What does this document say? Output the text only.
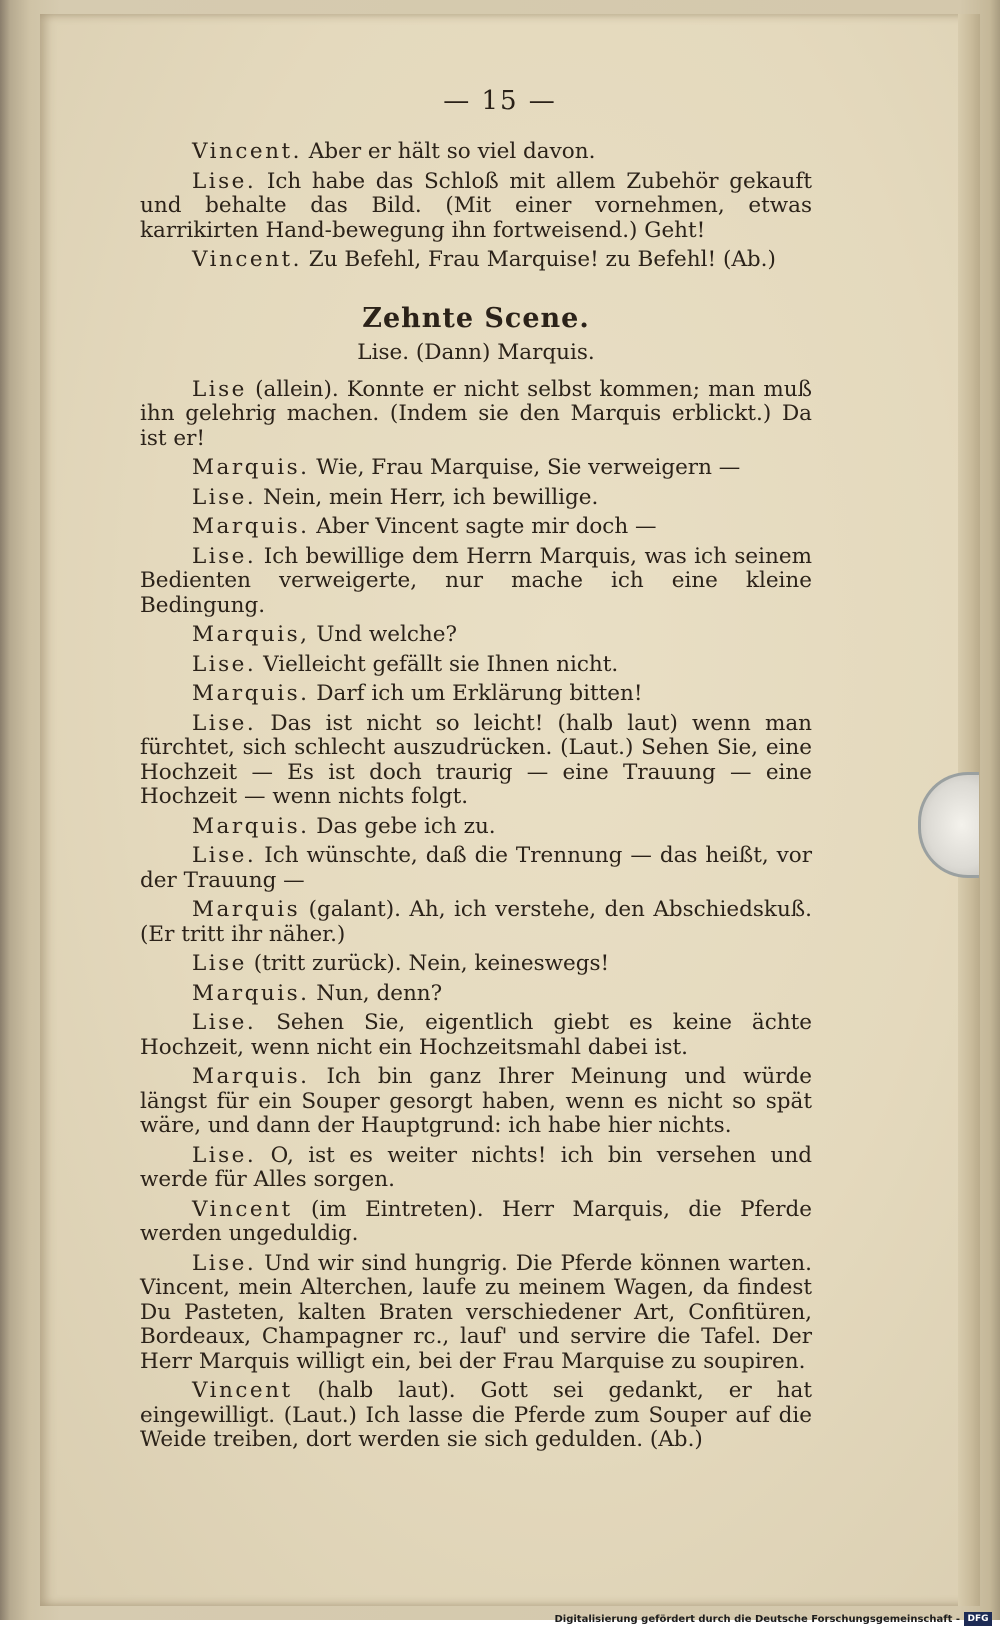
— 15 —
Vincent. Aber er hält so viel davon.
Lise. Ich habe das Schloß mit allem Zubehör gekauft und behalte das Bild. (Mit einer vornehmen, etwas karrikirten Hand-bewegung ihn fortweisend.) Geht!
Vincent. Zu Befehl, Frau Marquise! zu Befehl! (Ab.)
Zehnte Scene.
Lise. (Dann) Marquis.
Lise (allein). Konnte er nicht selbst kommen; man muß ihn gelehrig machen. (Indem sie den Marquis erblickt.) Da ist er!
Marquis. Wie, Frau Marquise, Sie verweigern —
Lise. Nein, mein Herr, ich bewillige.
Marquis. Aber Vincent sagte mir doch —
Lise. Ich bewillige dem Herrn Marquis, was ich seinem Bedienten verweigerte, nur mache ich eine kleine Bedingung.
Marquis, Und welche?
Lise. Vielleicht gefällt sie Ihnen nicht.
Marquis. Darf ich um Erklärung bitten!
Lise. Das ist nicht so leicht! (halb laut) wenn man fürchtet, sich schlecht auszudrücken. (Laut.) Sehen Sie, eine Hochzeit — Es ist doch traurig — eine Trauung — eine Hochzeit — wenn nichts folgt.
Marquis. Das gebe ich zu.
Lise. Ich wünschte, daß die Trennung — das heißt, vor der Trauung —
Marquis (galant). Ah, ich verstehe, den Abschiedskuß. (Er tritt ihr näher.)
Lise (tritt zurück). Nein, keineswegs!
Marquis. Nun, denn?
Lise. Sehen Sie, eigentlich giebt es keine ächte Hochzeit, wenn nicht ein Hochzeitsmahl dabei ist.
Marquis. Ich bin ganz Ihrer Meinung und würde längst für ein Souper gesorgt haben, wenn es nicht so spät wäre, und dann der Hauptgrund: ich habe hier nichts.
Lise. O, ist es weiter nichts! ich bin versehen und werde für Alles sorgen.
Vincent (im Eintreten). Herr Marquis, die Pferde werden ungeduldig.
Lise. Und wir sind hungrig. Die Pferde können warten. Vincent, mein Alterchen, laufe zu meinem Wagen, da findest Du Pasteten, kalten Braten verschiedener Art, Confitüren, Bordeaux, Champagner rc., lauf' und servire die Tafel. Der Herr Marquis willigt ein, bei der Frau Marquise zu soupiren.
Vincent (halb laut). Gott sei gedankt, er hat eingewilligt. (Laut.) Ich lasse die Pferde zum Souper auf die Weide treiben, dort werden sie sich gedulden. (Ab.)
Digitalisierung gefördert durch die Deutsche Forschungsgemeinschaft - DFG
